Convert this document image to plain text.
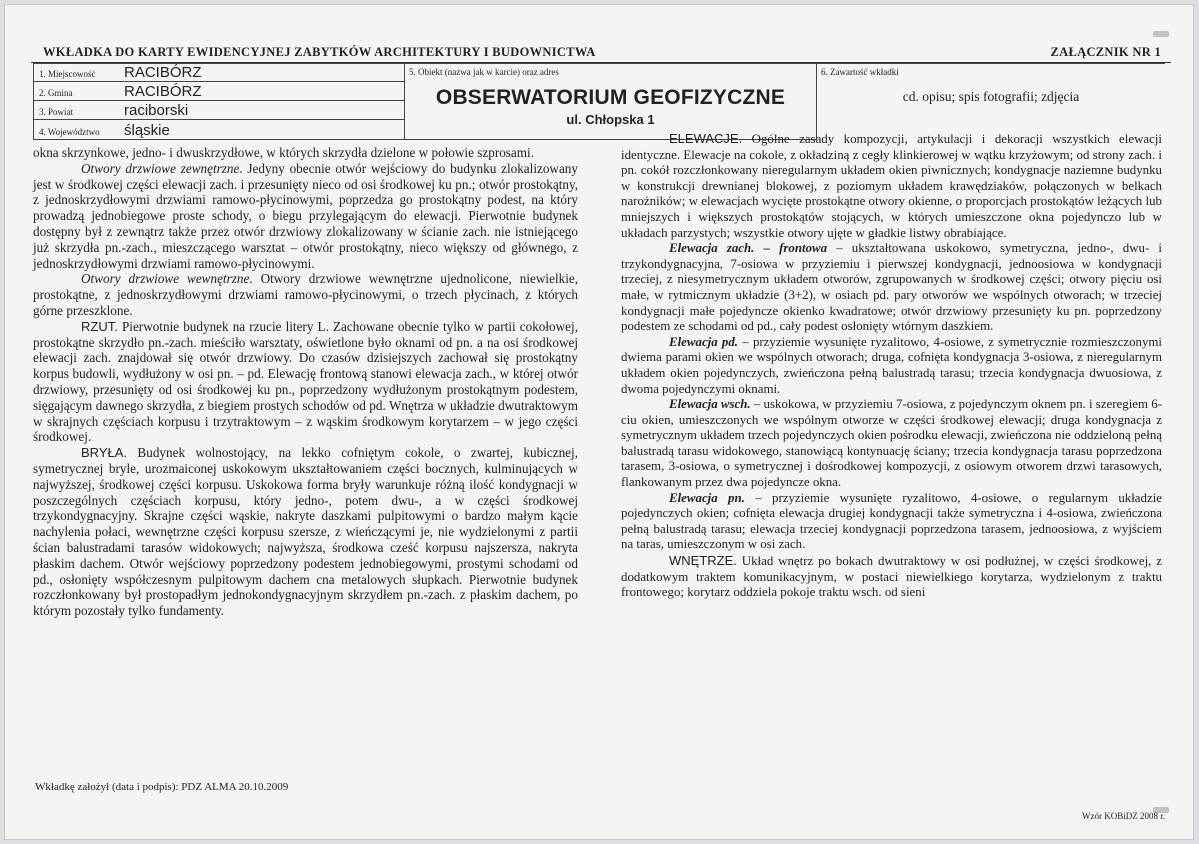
WKŁADKA DO KARTY EWIDENCYJNEJ ZABYTKÓW ARCHITEKTURY I BUDOWNICTWA	ZAŁĄCZNIK NR 1
1. Miejscowość RACIBÓRZ
2. Gmina	RACIBÓRZ
3. Powiat	raciborski
4. Województwo śląskie
5. Obiekt (nazwa jak w karcie) oraz adres
OBSERWATORIUM GEOFIZYCZNE
ul. Chłopska 1
6. Zawartość wkładki
cd. opisu; spis fotografii; zdjęcia

okna skrzynkowe, jedno- i dwuskrzydłowe, w których skrzydła dzielone w połowie szprosami.

Otwory drzwiowe zewnętrzne. Jedyny obecnie otwór wejściowy do budynku zlokalizowany jest w środkowej części elewacji zach. i przesunięty nieco od osi środkowej ku pn.; otwór prostokątny, z jednoskrzydłowymi drzwiami ramowo-płycinowymi, poprzedza go prostokątny podest, na który prowadzą jednobiegowe proste schody, o biegu przylegającym do elewacji. Pierwotnie budynek dostępny był z zewnątrz także przez otwór drzwiowy zlokalizowany w ścianie zach. nie istniejącego już skrzydła pn.-zach., mieszczącego warsztat – otwór prostokątny, nieco większy od głównego, z jednoskrzydłowymi drzwiami ramowo-płycinowymi.

Otwory drzwiowe wewnętrzne. Otwory drzwiowe wewnętrzne ujednolicone, niewielkie, prostokątne, z jednoskrzydłowymi drzwiami ramowo-płycinowymi, o trzech płycinach, z których górne przeszklone.

RZUT. Pierwotnie budynek na rzucie litery L. Zachowane obecnie tylko w partii cokołowej, prostokątne skrzydło pn.-zach. mieściło warsztaty, oświetlone było oknami od pn. a na osi środkowej elewacji zach. znajdował się otwór drzwiowy. Do czasów dzisiejszych zachował się prostokątny korpus budowli, wydłużony w osi pn. – pd. Elewację frontową stanowi elewacja zach., w której otwór drzwiowy, przesunięty od osi środkowej ku pn., poprzedzony wydłużonym prostokątnym podestem, sięgającym dawnego skrzydła, z biegiem prostych schodów od pd. Wnętrza w układzie dwutraktowym w skrajnych częściach korpusu i trzytraktowym – z wąskim środkowym korytarzem – w jego części środkowej.

BRYŁA. Budynek wolnostojący, na lekko cofniętym cokole, o zwartej, kubicznej, symetrycznej bryle, urozmaiconej uskokowym ukształtowaniem części bocznych, kulminujących w najwyższej, środkowej części korpusu. Uskokowa forma bryły warunkuje różną ilość kondygnacji w poszczególnych częściach korpusu, który jedno-, potem dwu-, a w części środkowej trzykondygnacyjny. Skrajne części wąskie, nakryte daszkami pulpitowymi o bardzo małym kącie nachylenia połaci, wewnętrzne części korpusu szersze, z wieńczącymi je, nie wydzielonymi z partii ścian balustradami tarasów widokowych; najwyższa, środkowa cześć korpusu najszersza, nakryta płaskim dachem. Otwór wejściowy poprzedzony podestem jednobiegowymi, prostymi schodami od pd., osłonięty współczesnym pulpitowym dachem cna metalowych słupkach. Pierwotnie budynek rozczłonkowany był prostopadłym jednokondygnacyjnym skrzydłem pn.-zach. z płaskim dachem, po którym pozostały tylko fundamenty.

ELEWACJE. Ogólne zasady kompozycji, artykulacji i dekoracji wszystkich elewacji identyczne. Elewacje na cokole, z okładziną z cegły klinkierowej w wątku krzyżowym; od strony zach. i pn. cokół rozczłonkowany nieregularnym układem okien piwnicznych; kondygnacje naziemne budynku w konstrukcji drewnianej blokowej, z poziomym układem krawędziaków, połączonych w belkach narożników; w elewacjach wycięte prostokątne otwory okienne, o proporcjach prostokątów leżących lub mniejszych i większych prostokątów stojących, w których umieszczone okna pojedynczo lub w układach parzystych; wszystkie otwory ujęte w gładkie listwy obrabiające.

Elewacja zach. – frontowa – ukształtowana uskokowo, symetryczna, jedno-, dwu- i trzykondygnacyjna, 7-osiowa w przyziemiu i pierwszej kondygnacji, jednoosiowa w kondygnacji trzeciej, z niesymetrycznym układem otworów, zgrupowanych w środkowej części; otwory pięciu osi małe, w rytmicznym układzie (3+2), w osiach pd. pary otworów we wspólnych otworach; w trzeciej kondygnacji małe pojedyncze okienko kwadratowe; otwór drzwiowy przesunięty ku pn. poprzedzony podestem ze schodami od pd., cały podest osłonięty wtórnym daszkiem.

Elewacja pd. – przyziemie wysunięte ryzalitowo, 4-osiowe, z symetrycznie rozmieszczonymi dwiema parami okien we wspólnych otworach; druga, cofnięta kondygnacja 3-osiowa, z nieregularnym układem okien pojedynczych, zwieńczona pełną balustradą tarasu; trzecia kondygnacja dwuosiowa, z dwoma pojedynczymi oknami.

Elewacja wsch. – uskokowa, w przyziemiu 7-osiowa, z pojedynczym oknem pn. i szeregiem 6-ciu okien, umieszczonych we wspólnym otworze w części środkowej elewacji; druga kondygnacja z symetrycznym układem trzech pojedynczych okien pośrodku elewacji, zwieńczona nie oddzieloną pełną balustradą tarasu widokowego, stanowiącą kontynuację ściany; trzecia kondygnacja tarasu poprzedzona tarasem, 3-osiowa, o symetrycznej i dośrodkowej kompozycji, z osiowym otworem drzwi tarasowych, flankowanym przez dwa pojedyncze okna.

Elewacja pn. – przyziemie wysunięte ryzalitowo, 4-osiowe, o regularnym układzie pojedynczych okien; cofnięta elewacja drugiej kondygnacji także symetryczna i 4-osiowa, zwieńczona pełną balustradą tarasu; elewacja trzeciej kondygnacji poprzedzona tarasem, jednoosiowa, z wyjściem na taras, umieszczonym w osi zach.

WNĘTRZE. Układ wnętrz po bokach dwutraktowy w osi podłużnej, w części środkowej, z dodatkowym traktem komunikacyjnym, w postaci niewielkiego korytarza, wydzielonym z traktu frontowego; korytarz oddziela pokoje traktu wsch. od sieni

Wkładkę założył (data i podpis): PDZ ALMA 20.10.2009
Wzór KOBiDZ 2008 r.
